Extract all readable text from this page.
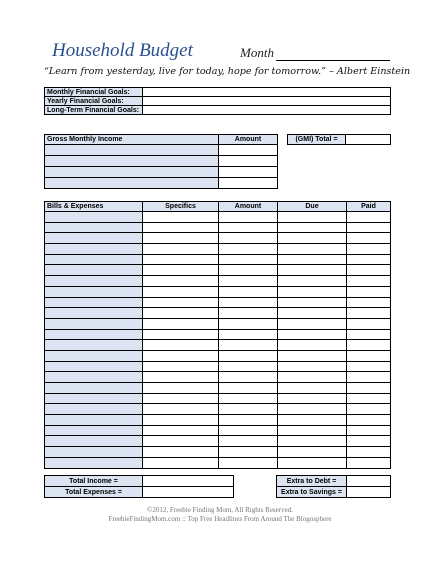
Household Budget	Month
“Learn from yesterday, live for today, hope for tomorrow.” – Albert Einstein
Monthly Financial Goals:	
Yearly Financial Goals:	
Long-Term Financial Goals:	
Gross Monthly Income	Amount		(GMI) Total =	

Bills & Expenses	Specifics	Amount	Due	Paid

Total Income =	
Total Expenses =	
Extra to Debt =	
Extra to Savings =	
©2012, Freebie Finding Mom, All Rights Reserved.
FreebieFindingMom.com :: Top Free Headlines From Around The Blogosphere
